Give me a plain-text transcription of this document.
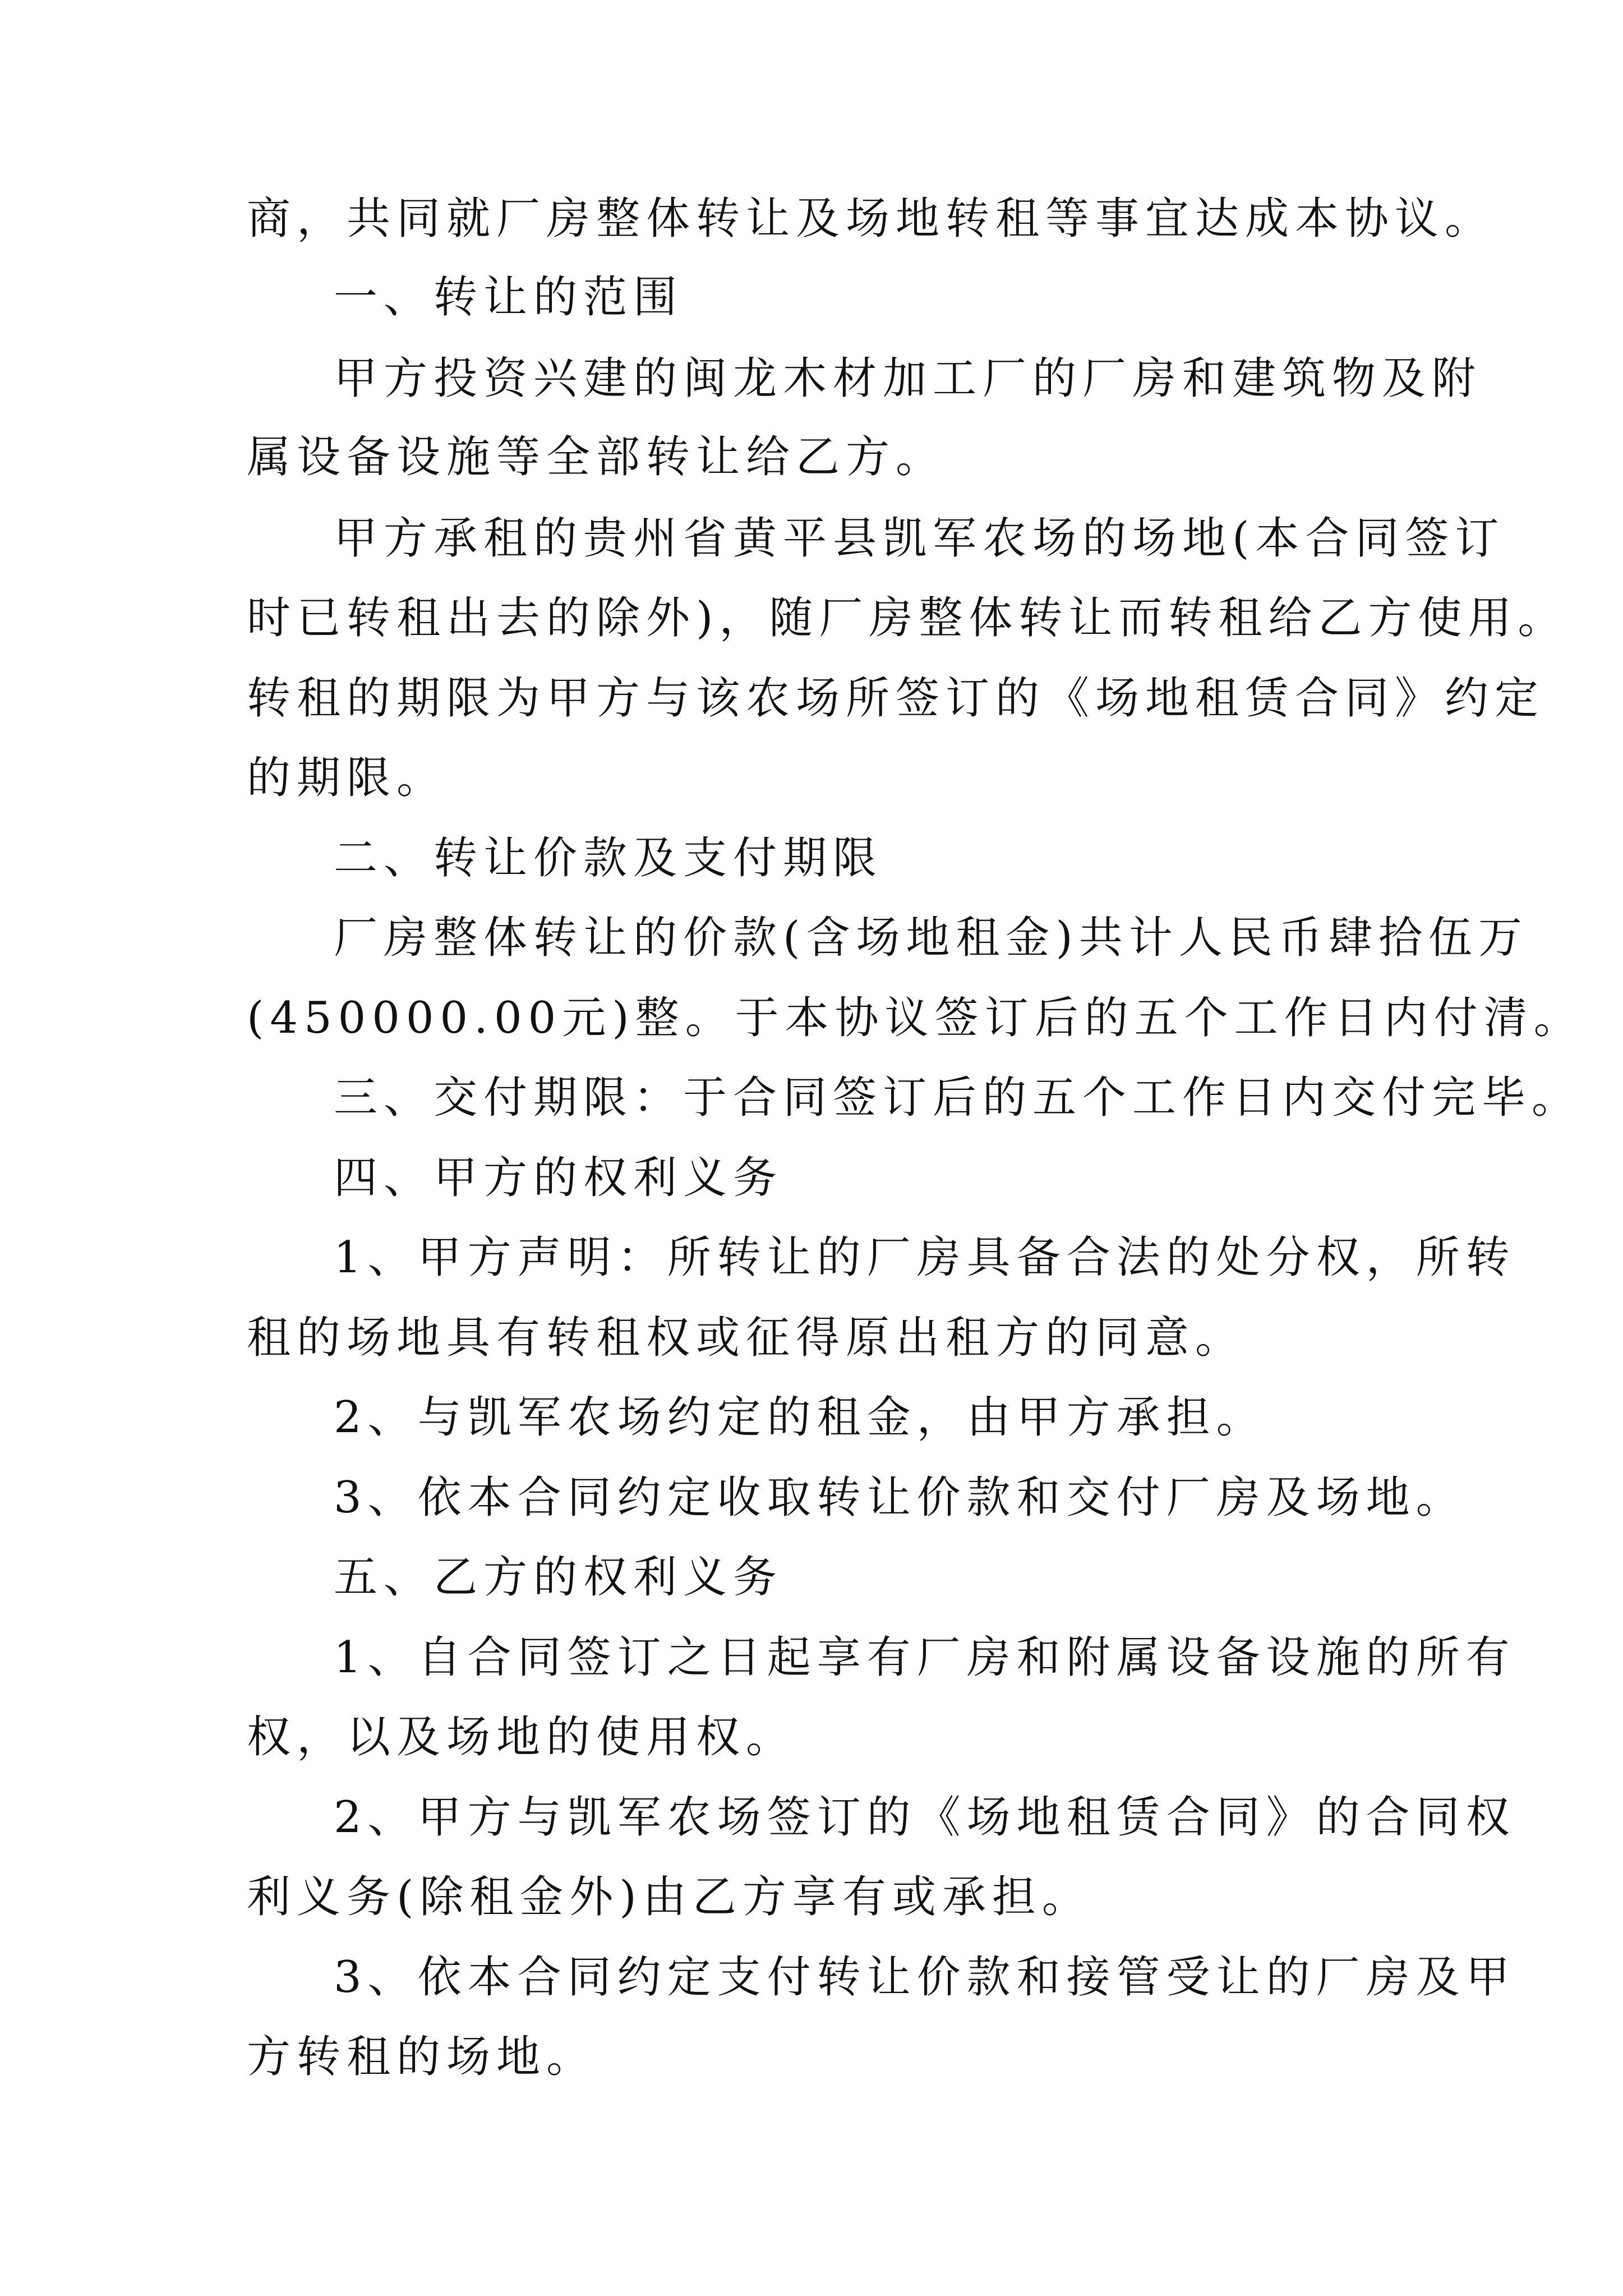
商，共同就厂房整体转让及场地转租等事宜达成本协议。
一、转让的范围
甲方投资兴建的闽龙木材加工厂的厂房和建筑物及附
属设备设施等全部转让给乙方。
甲方承租的贵州省黄平县凯军农场的场地(本合同签订
时已转租出去的除外)，随厂房整体转让而转租给乙方使用。
转租的期限为甲方与该农场所签订的《场地租赁合同》约定
的期限。
二、转让价款及支付期限
厂房整体转让的价款(含场地租金)共计人民币肆拾伍万
(450000.00元)整。于本协议签订后的五个工作日内付清。
三、交付期限：于合同签订后的五个工作日内交付完毕。
四、甲方的权利义务
1、甲方声明：所转让的厂房具备合法的处分权，所转
租的场地具有转租权或征得原出租方的同意。
2、与凯军农场约定的租金，由甲方承担。
3、依本合同约定收取转让价款和交付厂房及场地。
五、乙方的权利义务
1、自合同签订之日起享有厂房和附属设备设施的所有
权，以及场地的使用权。
2、甲方与凯军农场签订的《场地租赁合同》的合同权
利义务(除租金外)由乙方享有或承担。
3、依本合同约定支付转让价款和接管受让的厂房及甲
方转租的场地。
